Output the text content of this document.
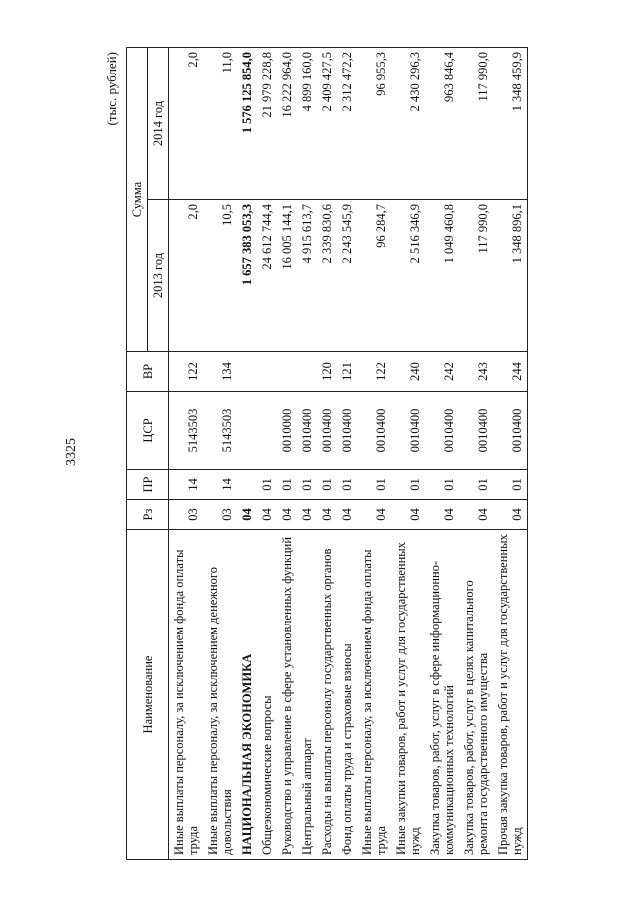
3325
(тыс. рублей)
Наименование	Рз	ПР	ЦСР	ВР	Сумма	
					2013 год	2014 год
Иные выплаты персоналу, за исключением фонда оплаты труда	03	14	5143503	122	2,0	2,0
Иные выплаты персоналу, за исключением денежного довольствия	03	14	5143503	134	10,5	11,0
НАЦИОНАЛЬНАЯ ЭКОНОМИКА	04				1 657 383 053,3	1 576 125 854,0
Общеэкономические вопросы	04	01			24 612 744,4	21 979 228,8
Руководство и управление в сфере установленных функций	04	01	0010000		16 005 144,1	16 222 964,0
Центральный аппарат	04	01	0010400		4 915 613,7	4 899 160,0
Расходы на выплаты персоналу государственных органов	04	01	0010400	120	2 339 830,6	2 409 427,5
Фонд оплаты труда и страховые взносы	04	01	0010400	121	2 243 545,9	2 312 472,2
Иные выплаты персоналу, за исключением фонда оплаты труда	04	01	0010400	122	96 284,7	96 955,3
Иные закупки товаров, работ и услуг для государственных нужд	04	01	0010400	240	2 516 346,9	2 430 296,3
Закупка товаров, работ, услуг в сфере информационно-коммуникационных технологий	04	01	0010400	242	1 049 460,8	963 846,4
Закупка товаров, работ, услуг в целях капитального ремонта государственного имущества	04	01	0010400	243	117 990,0	117 990,0
Прочая закупка товаров, работ и услуг для государственных нужд	04	01	0010400	244	1 348 896,1	1 348 459,9
